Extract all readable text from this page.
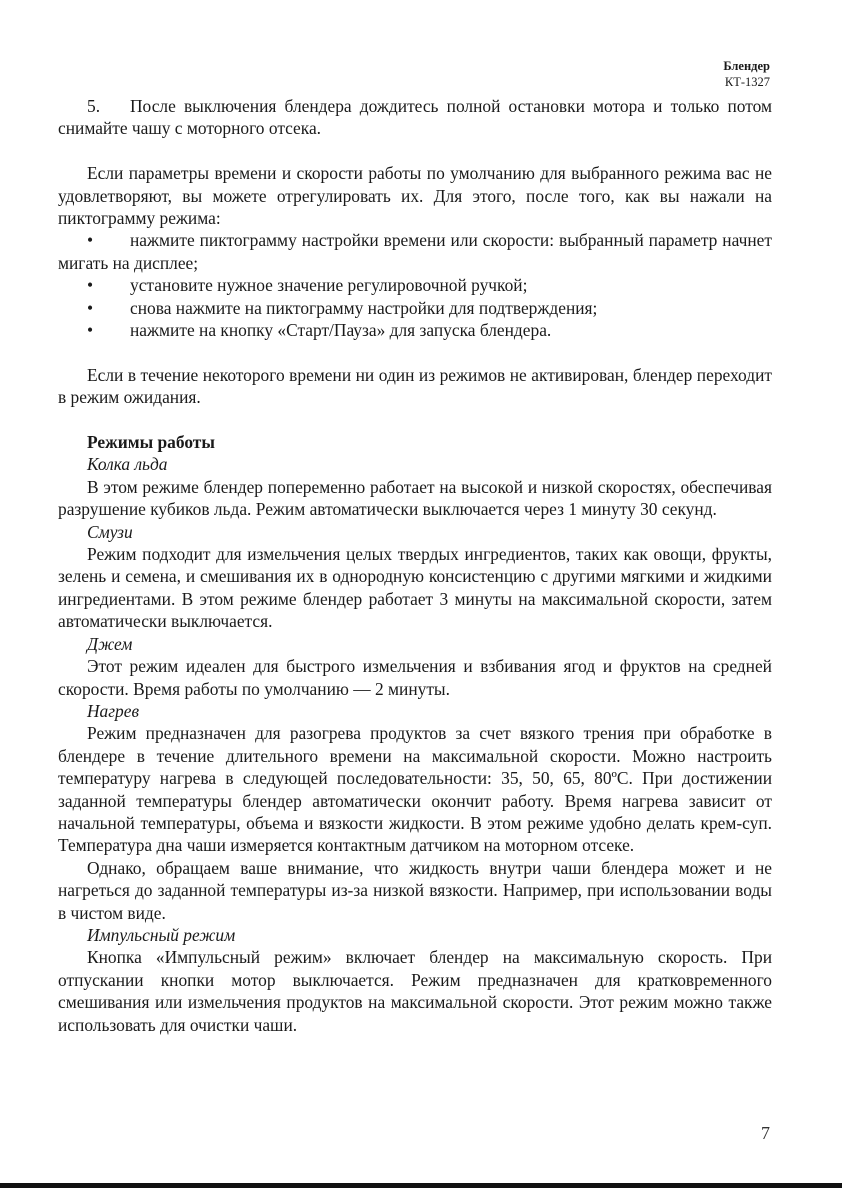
Блендер
КТ-1327

5. После выключения блендера дождитесь полной остановки мотора и только потом снимайте чашу с моторного отсека.

Если параметры времени и скорости работы по умолчанию для выбранного режима вас не удовлетворяют, вы можете отрегулировать их. Для этого, после того, как вы нажали на пиктограмму режима:

• нажмите пиктограмму настройки времени или скорости: выбранный параметр начнет мигать на дисплее;

• установите нужное значение регулировочной ручкой;

• снова нажмите на пиктограмму настройки для подтверждения;

• нажмите на кнопку «Старт/Пауза» для запуска блендера.

Если в течение некоторого времени ни один из режимов не активирован, блендер переходит в режим ожидания.

Режимы работы
Колка льда

В этом режиме блендер попеременно работает на высокой и низкой скоростях, обеспечивая разрушение кубиков льда. Режим автоматически выключается через 1 минуту 30 секунд.

Смузи

Режим подходит для измельчения целых твердых ингредиентов, таких как овощи, фрукты, зелень и семена, и смешивания их в однородную консистенцию с другими мягкими и жидкими ингредиентами. В этом режиме блендер работает 3 минуты на максимальной скорости, затем автоматически выключается.

Джем

Этот режим идеален для быстрого измельчения и взбивания ягод и фруктов на средней скорости. Время работы по умолчанию — 2 минуты.

Нагрев

Режим предназначен для разогрева продуктов за счет вязкого трения при обработке в блендере в течение длительного времени на максимальной скорости. Можно настроить температуру нагрева в следующей последовательности: 35, 50, 65, 80ºС. При достижении заданной температуры блендер автоматически окончит работу. Время нагрева зависит от начальной температуры, объема и вязкости жидкости. В этом режиме удобно делать крем-суп. Температура дна чаши измеряется контактным датчиком на моторном отсеке.

Однако, обращаем ваше внимание, что жидкость внутри чаши блендера может и не нагреться до заданной температуры из-за низкой вязкости. Например, при использовании воды в чистом виде.

Импульсный режим

Кнопка «Импульсный режим» включает блендер на максимальную скорость. При отпускании кнопки мотор выключается. Режим предназначен для кратковременного смешивания или измельчения продуктов на максимальной скорости. Этот режим можно также использовать для очистки чаши.

7
